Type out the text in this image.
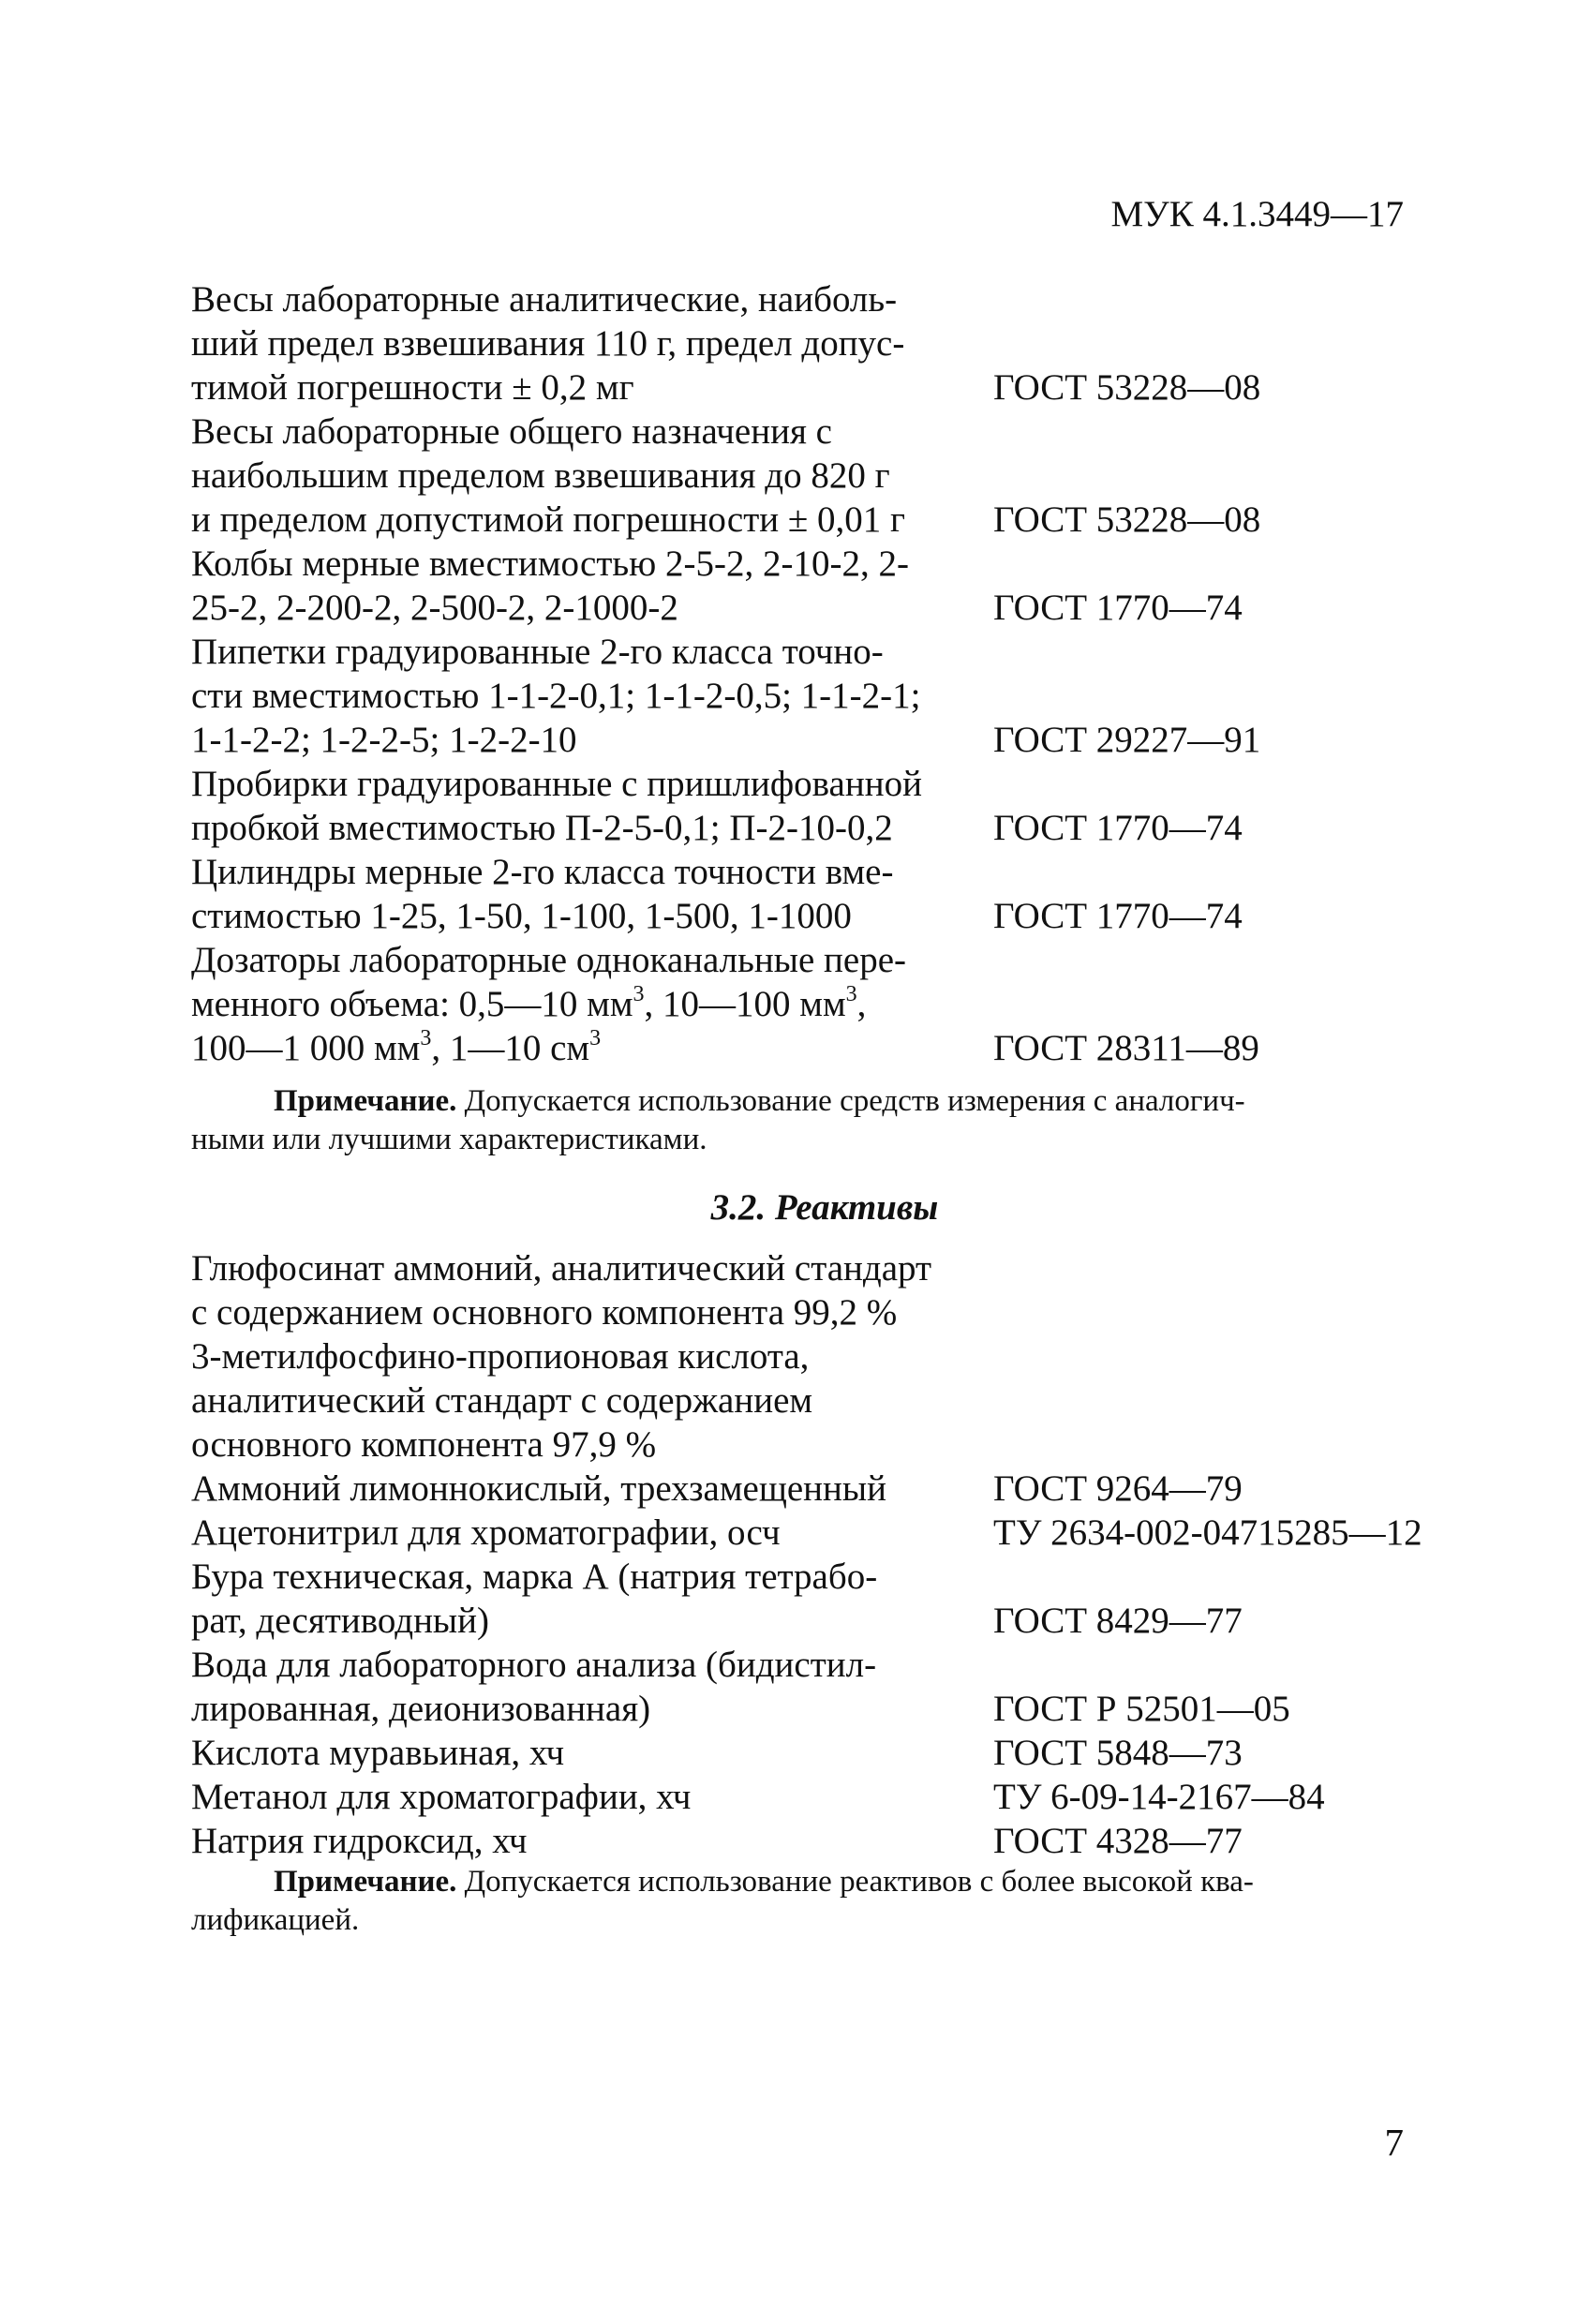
МУК 4.1.3449—17
Весы лабораторные аналитические, наиболь-
ший предел взвешивания 110 г, предел допус-
тимой погрешности ± 0,2 мг	ГОСТ 53228—08
Весы лабораторные общего назначения с
наибольшим пределом взвешивания до 820 г
и пределом допустимой погрешности ± 0,01 г	ГОСТ 53228—08
Колбы мерные вместимостью 2-5-2, 2-10-2, 2-
25-2, 2-200-2, 2-500-2, 2-1000-2	ГОСТ 1770—74
Пипетки градуированные 2-го класса точно-
сти вместимостью 1-1-2-0,1; 1-1-2-0,5; 1-1-2-1;
1-1-2-2; 1-2-2-5; 1-2-2-10	ГОСТ 29227—91
Пробирки градуированные с пришлифованной
пробкой вместимостью П-2-5-0,1; П-2-10-0,2	ГОСТ 1770—74
Цилиндры мерные 2-го класса точности вме-
стимостью 1-25, 1-50, 1-100, 1-500, 1-1000	ГОСТ 1770—74
Дозаторы лабораторные одноканальные пере-
менного объема: 0,5—10 $мм^3$, 10—100 $мм^3$,
100—1 000 $мм^3$, 1—10 $см^3$	ГОСТ 28311—89
Примечание. Допускается использование средств измерения с аналогич-
ными или лучшими характеристиками.
3.2. Реактивы
Глюфосинат аммоний, аналитический стандарт
с содержанием основного компонента 99,2 %
3-метилфосфино-пропионовая кислота,
аналитический стандарт с содержанием
основного компонента 97,9 %
Аммоний лимоннокислый, трехзамещенный	ГОСТ 9264—79
Ацетонитрил для хроматографии, осч	ТУ 2634-002-04715285—12
Бура техническая, марка А (натрия тетрабо-
рат, десятиводный)	ГОСТ 8429—77
Вода для лабораторного анализа (бидистил-
лированная, деионизованная)	ГОСТ Р 52501—05
Кислота муравьиная, хч	ГОСТ 5848—73
Метанол для хроматографии, хч	ТУ 6-09-14-2167—84
Натрия гидроксид, хч	ГОСТ 4328—77
Примечание. Допускается использование реактивов с более высокой ква-
лификацией.
7
